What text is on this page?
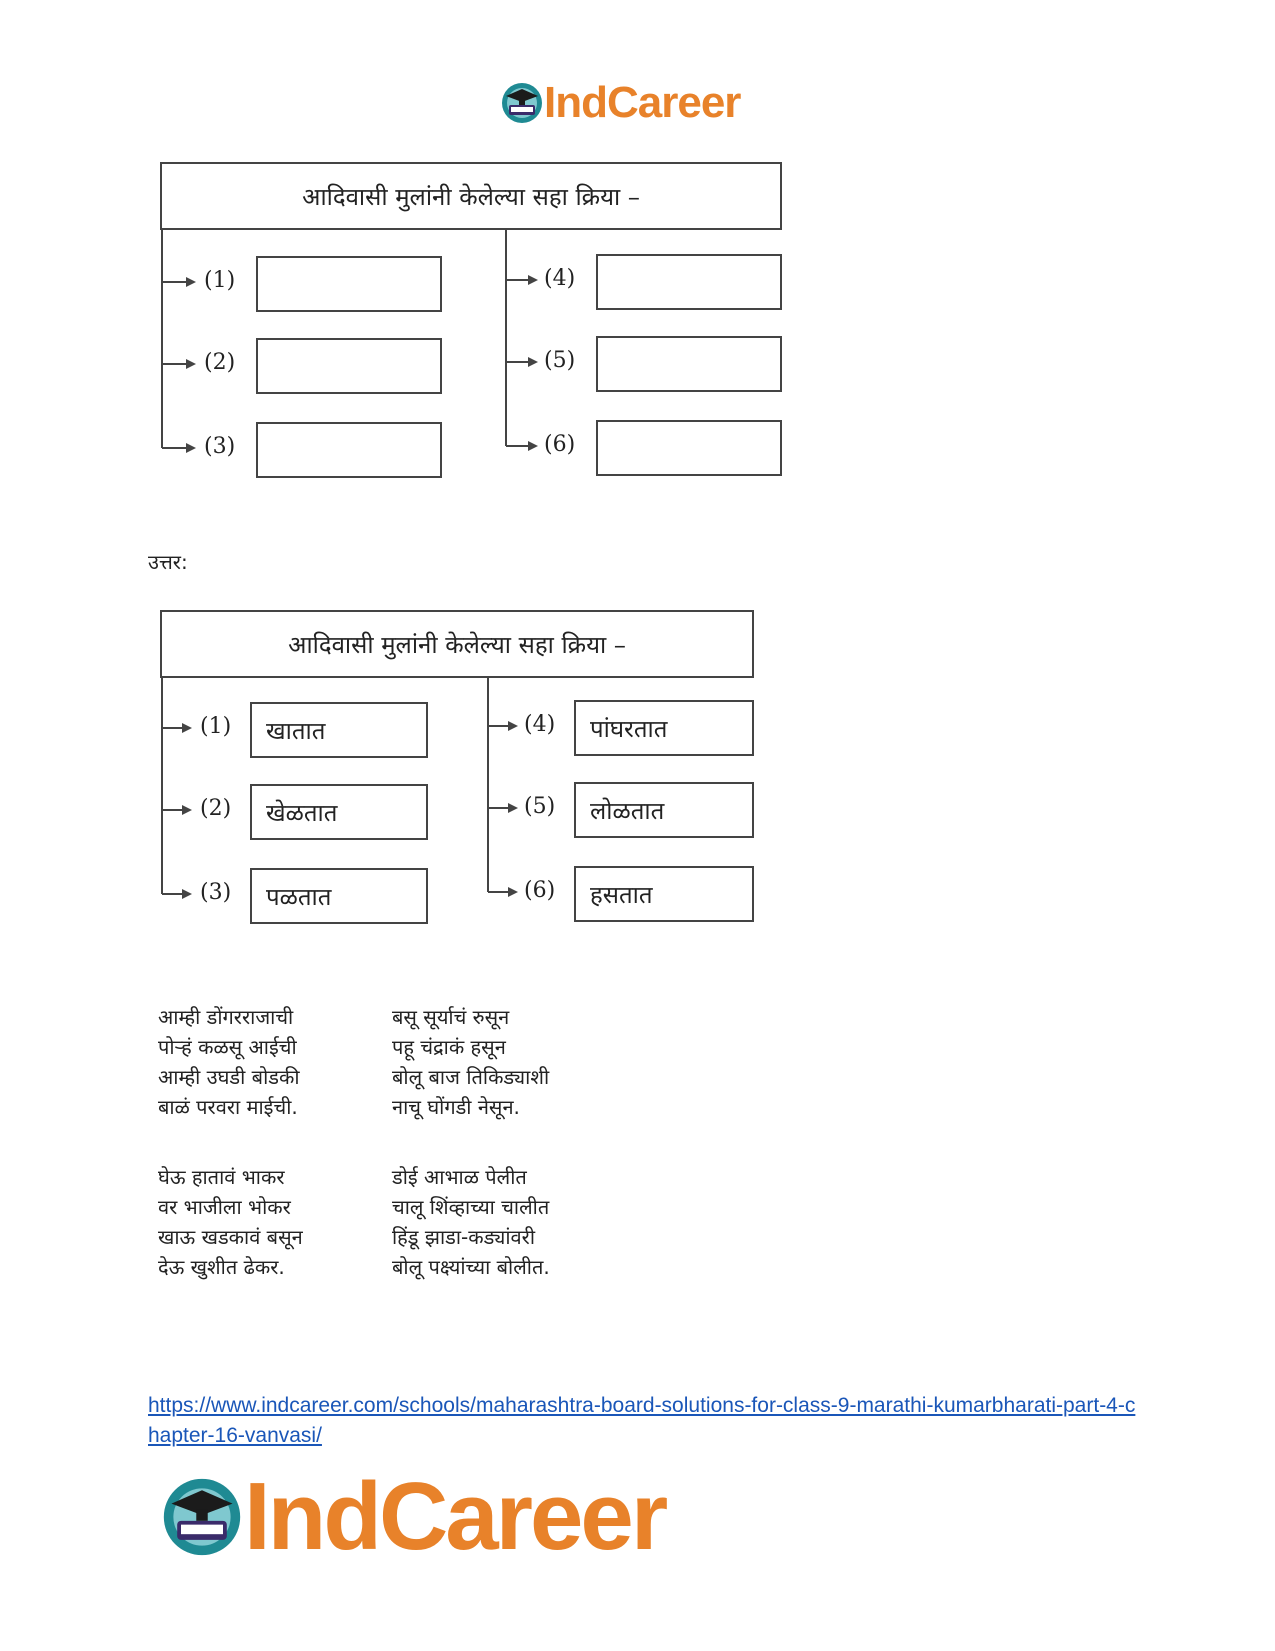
IndCareer
आदिवासी मुलांनी केलेल्या सहा क्रिया –
(1)
(2)
(3)
(4)
(5)
(6)
उत्तर:
आदिवासी मुलांनी केलेल्या सहा क्रिया –
(1)	खातात
(2)	खेळतात
(3)	पळतात
(4)	पांघरतात
(5)	लोळतात
(6)	हसतात
आम्ही डोंगरराजाची
पोऱ्हं कळसू आईची
आम्ही उघडी बोडकी
बाळं परवरा माईची.
बसू सूर्याचं रुसून
पहू चंद्राकं हसून
बोलू बाज तिकिड्याशी
नाचू घोंगडी नेसून.
घेऊ हातावं भाकर
वर भाजीला भोकर
खाऊ खडकावं बसून
देऊ खुशीत ढेकर.
डोई आभाळ पेलीत
चालू शिंव्हाच्या चालीत
हिंडू झाडा-कड्यांवरी
बोलू पक्ष्यांच्या बोलीत.
https://www.indcareer.com/schools/maharashtra-board-solutions-for-class-9-marathi-kumarbharati-part-4-chapter-16-vanvasi/
IndCareer
